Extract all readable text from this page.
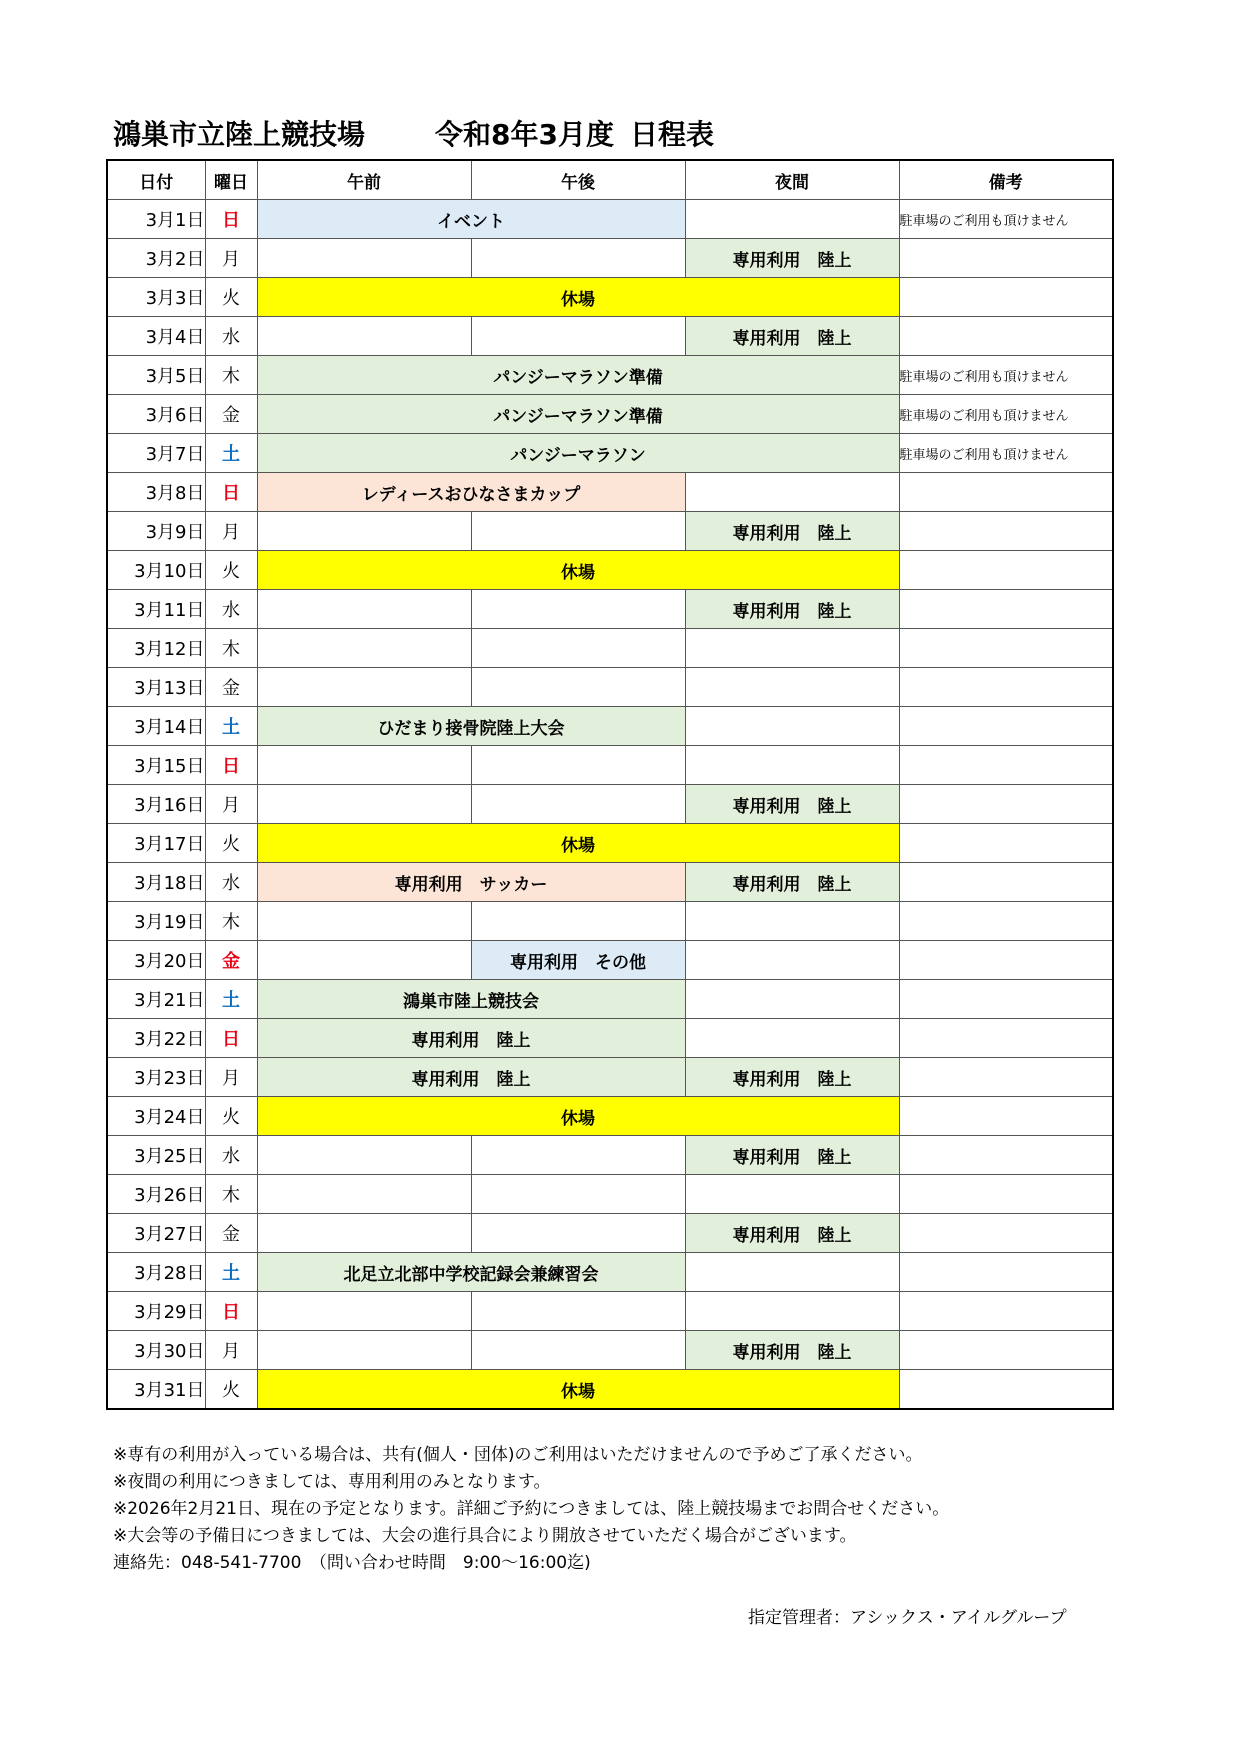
鴻巣市立陸上競技場	令和8年3月度 日程表
日付	曜日	午前	午後	夜間	備考
3月1日	日	イベント			駐車場のご利用も頂けません
3月2日	月			専用利用　陸上	
3月3日	火	休場			
3月4日	水			専用利用　陸上	
3月5日	木	パンジーマラソン準備			駐車場のご利用も頂けません
3月6日	金	パンジーマラソン準備			駐車場のご利用も頂けません
3月7日	土	パンジーマラソン			駐車場のご利用も頂けません
3月8日	日	レディースおひなさまカップ			
3月9日	月			専用利用　陸上	
3月10日	火	休場			
3月11日	水			専用利用　陸上	
3月12日	木				
3月13日	金				
3月14日	土	ひだまり接骨院陸上大会			
3月15日	日				
3月16日	月			専用利用　陸上	
3月17日	火	休場			
3月18日	水	専用利用　サッカー		専用利用　陸上	
3月19日	木				
3月20日	金		専用利用　その他		
3月21日	土	鴻巣市陸上競技会			
3月22日	日	専用利用　陸上			
3月23日	月	専用利用　陸上		専用利用　陸上	
3月24日	火	休場			
3月25日	水			専用利用　陸上	
3月26日	木				
3月27日	金			専用利用　陸上	
3月28日	土	北足立北部中学校記録会兼練習会			
3月29日	日				
3月30日	月			専用利用　陸上	
3月31日	火	休場			
※専有の利用が入っている場合は、共有(個人・団体)のご利用はいただけませんので予めご了承ください。
※夜間の利用につきましては、専用利用のみとなります。
※2026年2月21日、現在の予定となります。詳細ご予約につきましては、陸上競技場までお問合せください。
※大会等の予備日につきましては、大会の進行具合により開放させていただく場合がございます。
連絡先：048-541-7700　（問い合わせ時間　9:00～16:00迄)
指定管理者：アシックス・アイルグループ
